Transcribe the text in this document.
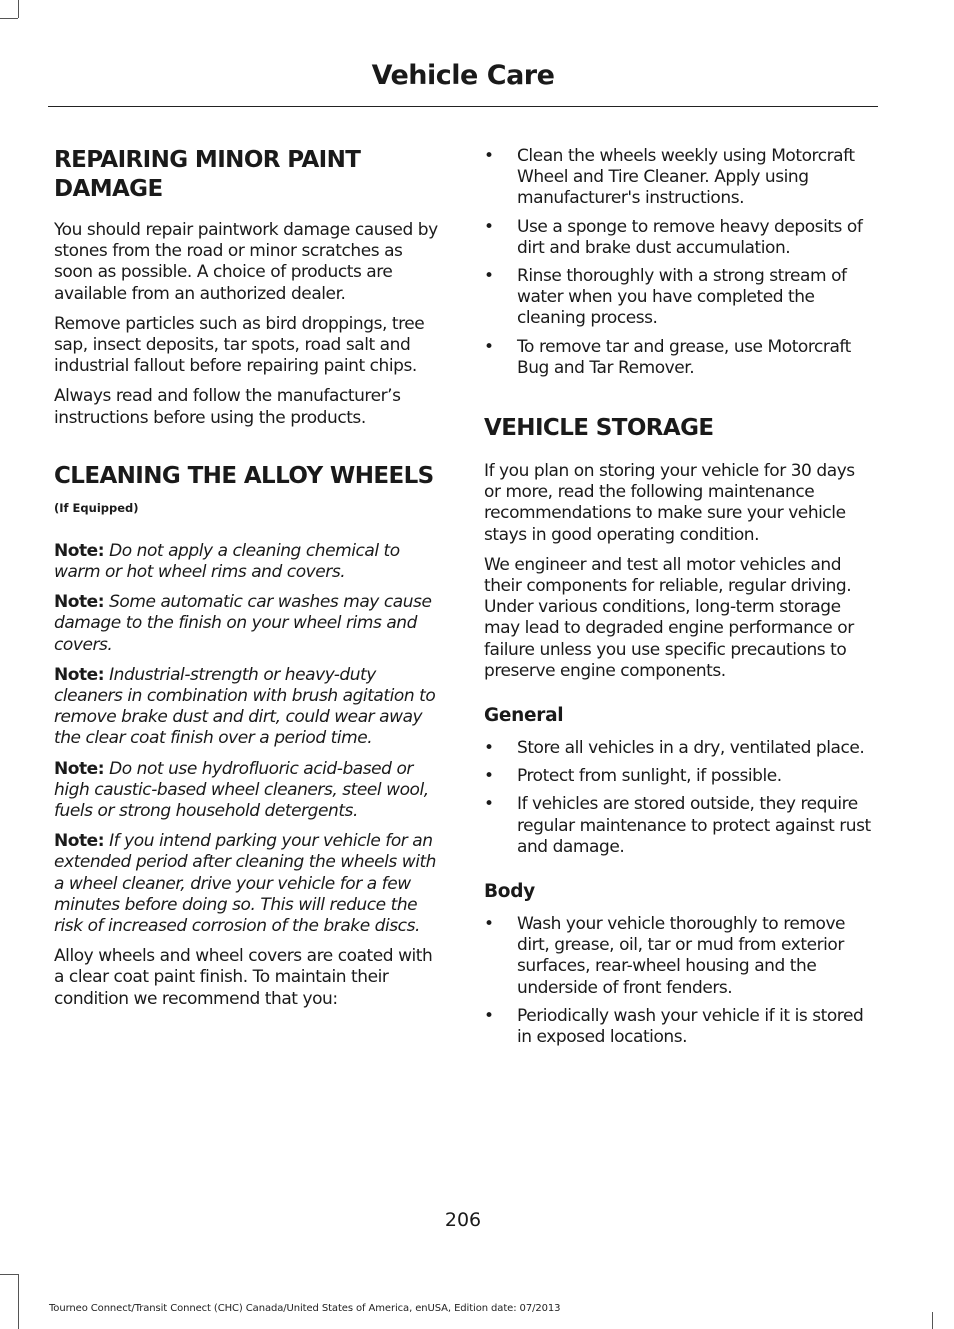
Vehicle Care
REPAIRING MINOR PAINT DAMAGE

You should repair paintwork damage caused by stones from the road or minor scratches as soon as possible. A choice of products are available from an authorized dealer.

Remove particles such as bird droppings, tree sap, insect deposits, tar spots, road salt and industrial fallout before repairing paint chips.

Always read and follow the manufacturer’s instructions before using the products.

CLEANING THE ALLOY WHEELS (If Equipped)

Note: Do not apply a cleaning chemical to warm or hot wheel rims and covers.

Note: Some automatic car washes may cause damage to the finish on your wheel rims and covers.

Note: Industrial-strength or heavy-duty cleaners in combination with brush agitation to remove brake dust and dirt, could wear away the clear coat finish over a period time.

Note: Do not use hydrofluoric acid-based or high caustic-based wheel cleaners, steel wool, fuels or strong household detergents.

Note: If you intend parking your vehicle for an extended period after cleaning the wheels with a wheel cleaner, drive your vehicle for a few minutes before doing so. This will reduce the risk of increased corrosion of the brake discs.

Alloy wheels and wheel covers are coated with a clear coat paint finish. To maintain their condition we recommend that you:

• Clean the wheels weekly using Motorcraft Wheel and Tire Cleaner. Apply using manufacturer's instructions.
• Use a sponge to remove heavy deposits of dirt and brake dust accumulation.
• Rinse thoroughly with a strong stream of water when you have completed the cleaning process.
• To remove tar and grease, use Motorcraft Bug and Tar Remover.
VEHICLE STORAGE

If you plan on storing your vehicle for 30 days or more, read the following maintenance recommendations to make sure your vehicle stays in good operating condition.

We engineer and test all motor vehicles and their components for reliable, regular driving. Under various conditions, long-term storage may lead to degraded engine performance or failure unless you use specific precautions to preserve engine components.

General
• Store all vehicles in a dry, ventilated place.
• Protect from sunlight, if possible.
• If vehicles are stored outside, they require regular maintenance to protect against rust and damage.
Body
• Wash your vehicle thoroughly to remove dirt, grease, oil, tar or mud from exterior surfaces, rear-wheel housing and the underside of front fenders.
• Periodically wash your vehicle if it is stored in exposed locations.
206
Tourneo Connect/Transit Connect (CHC) Canada/United States of America, enUSA, Edition date: 07/2013
